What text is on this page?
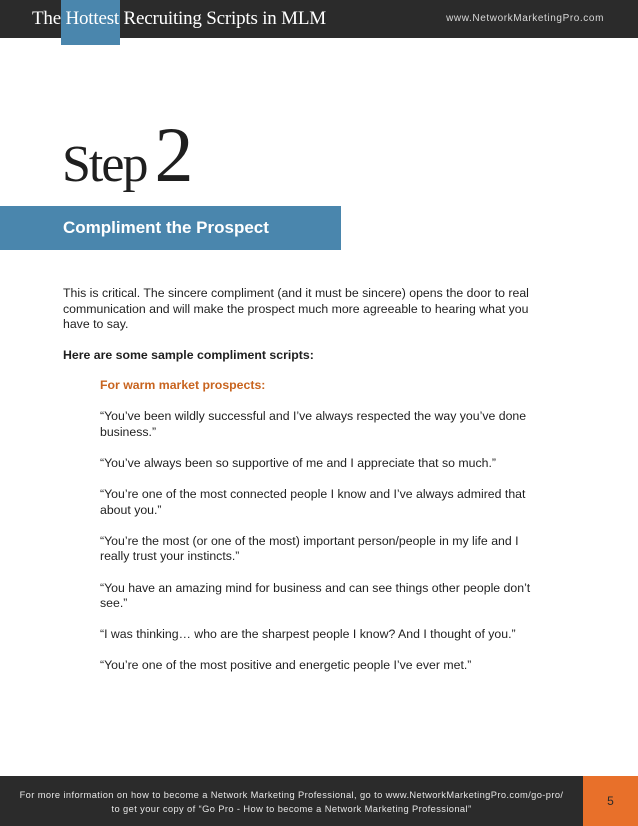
The Hottest Recruiting Scripts in MLM	www.NetworkMarketingPro.com
Step 2
Compliment the Prospect

This is critical. The sincere compliment (and it must be sincere) opens the door to real communication and will make the prospect much more agreeable to hearing what you have to say.

Here are some sample compliment scripts:

For warm market prospects:

“You’ve been wildly successful and I’ve always respected the way you’ve done business.”

“You’ve always been so supportive of me and I appreciate that so much.”

“You’re one of the most connected people I know and I’ve always admired that about you.”

“You’re the most (or one of the most) important person/people in my life and I really trust your instincts.”

“You have an amazing mind for business and can see things other people don’t see.”

“I was thinking… who are the sharpest people I know? And I thought of you.”

“You’re one of the most positive and energetic people I’ve ever met.”

For more information on how to become a Network Marketing Professional, go to www.NetworkMarketingPro.com/go-pro/
to get your copy of “Go Pro - How to become a Network Marketing Professional”

5
